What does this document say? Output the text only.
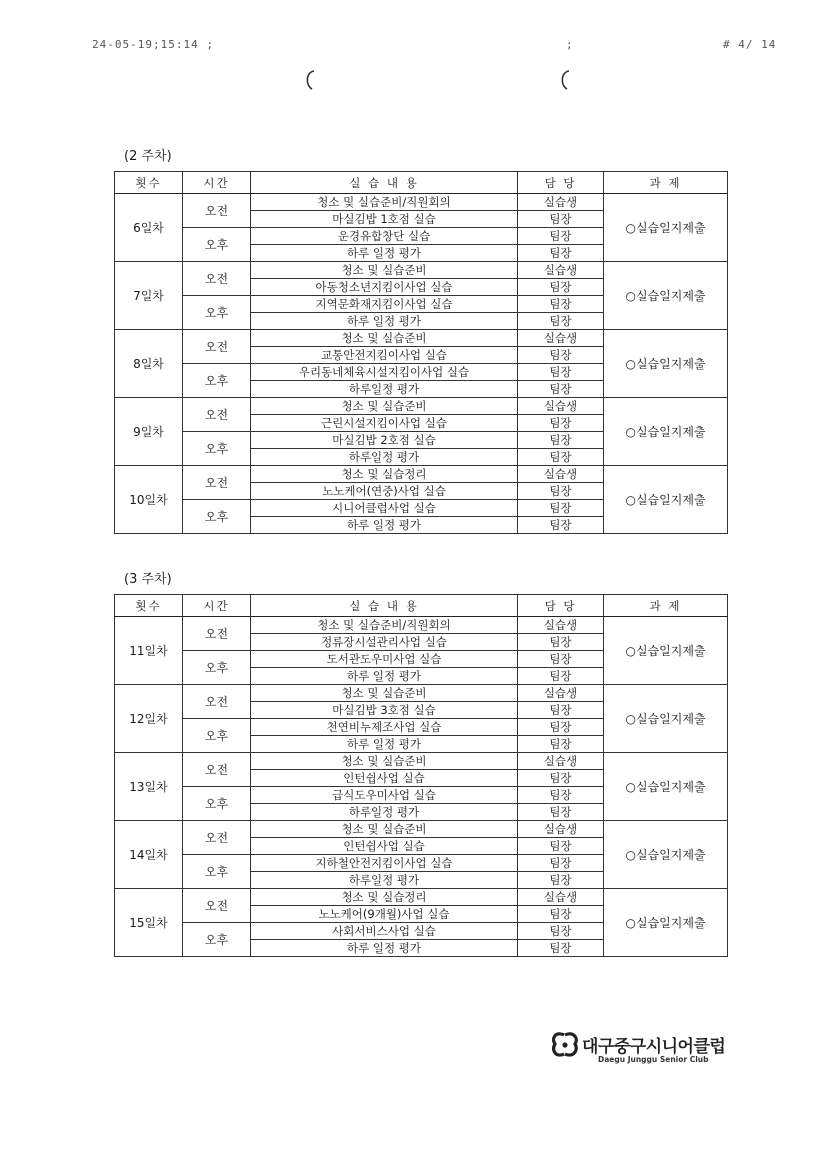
24-05-19;15:14 ;	;	# 4/ 14
(2 주차)
횟수	시간	실 습 내 용	담 당	과 제
6일차	오전	청소 및 실습준비/직원회의	실습생	○실습일지제출
		마실김밥 1호점 실습	팀장	
	오후	운경유합창단 실습	팀장	
		하루 일정 평가	팀장	
7일차	오전	청소 및 실습준비	실습생	○실습일지제출
		아동청소년지킴이사업 실습	팀장	
	오후	지역문화재지킴이사업 실습	팀장	
		하루 일정 평가	팀장	
8일차	오전	청소 및 실습준비	실습생	○실습일지제출
		교통안전지킴이사업 실습	팀장	
	오후	우리동네체육시설지킴이사업 실습	팀장	
		하루일정 평가	팀장	
9일차	오전	청소 및 실습준비	실습생	○실습일지제출
		근린시설지킴이사업 실습	팀장	
	오후	마실김밥 2호점 실습	팀장	
		하루일정 평가	팀장	
10일차	오전	청소 및 실습정리	실습생	○실습일지제출
		노노케어(연중)사업 실습	팀장	
	오후	시니어클럽사업 실습	팀장	
		하루 일정 평가	팀장	
(3 주차)
횟수	시간	실 습 내 용	담 당	과 제
11일차	오전	청소 및 실습준비/직원회의	실습생	○실습일지제출
		정류장시설관리사업 실습	팀장	
	오후	도서관도우미사업 실습	팀장	
		하루 일정 평가	팀장	
12일차	오전	청소 및 실습준비	실습생	○실습일지제출
		마실김밥 3호점 실습	팀장	
	오후	천연비누제조사업 실습	팀장	
		하루 일정 평가	팀장	
13일차	오전	청소 및 실습준비	실습생	○실습일지제출
		인턴쉽사업 실습	팀장	
	오후	급식도우미사업 실습	팀장	
		하루일정 평가	팀장	
14일차	오전	청소 및 실습준비	실습생	○실습일지제출
		인턴쉽사업 실습	팀장	
	오후	지하철안전지킴이사업 실습	팀장	
		하루일정 평가	팀장	
15일차	오전	청소 및 실습정리	실습생	○실습일지제출
		노노케어(9개월)사업 실습	팀장	
	오후	사회서비스사업 실습	팀장	
		하루 일정 평가	팀장	
대구중구시니어클럽
Daegu Junggu Senior Club
